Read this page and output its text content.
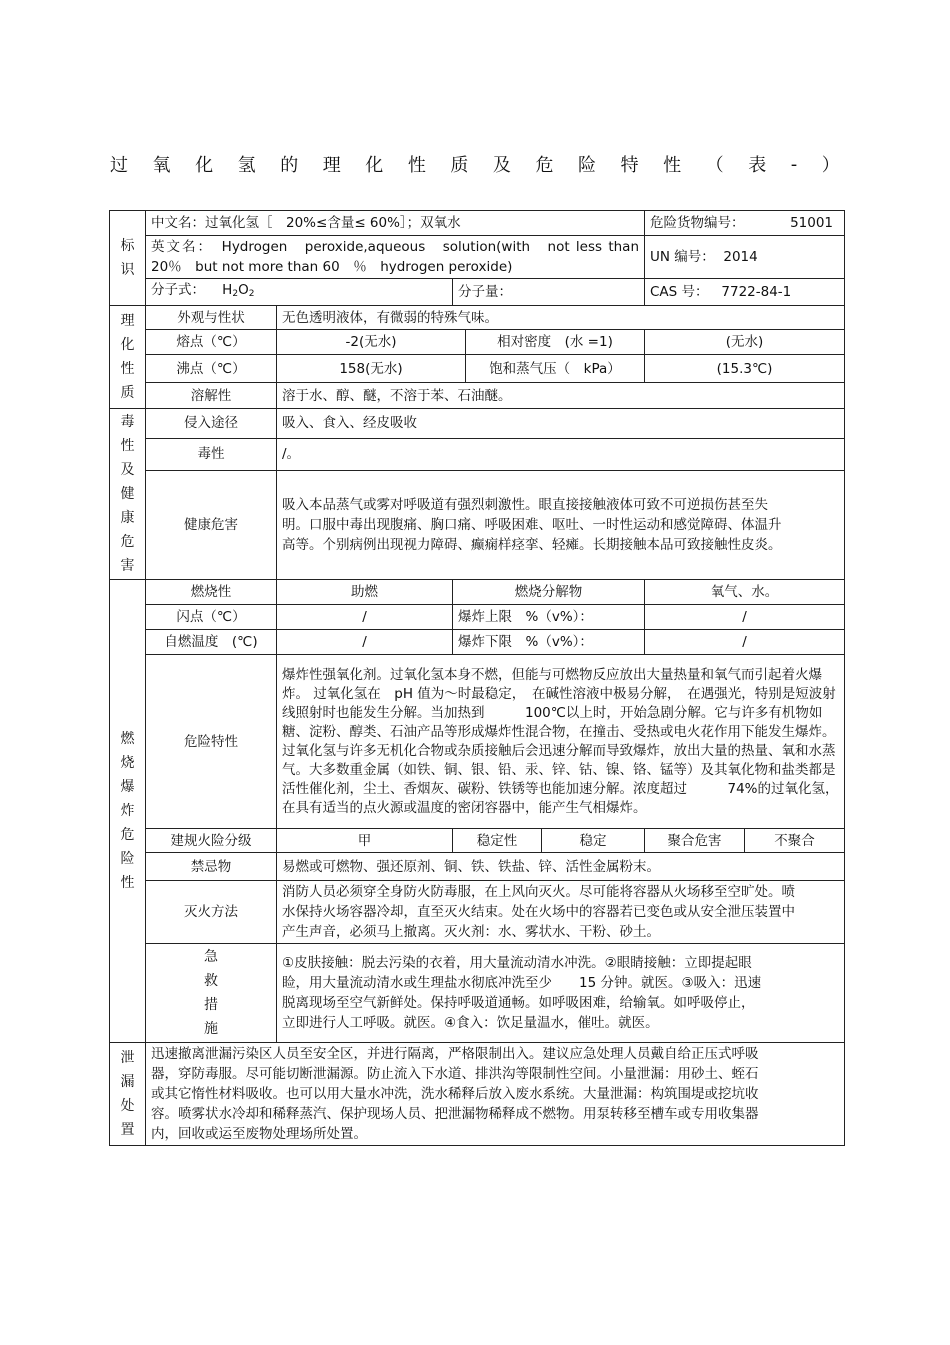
过 氧 化 氢 的 理 化 性 质 及 危 险 特 性 （ 表 - ）
标识	中文名：过氧化氢［　20%≤含量≤ 60%］；双氧水					危险货物编号： 51001	

	英文名：　Hydrogen　peroxide,aqueous　solution(with　not less than
20％　but not more than 60　％　hydrogen peroxide)					UN 编号： 2014	
	分子式： $H_2O_2$		分子量：			CAS 号： 7722-84-1	
理化性质	外观与性状	无色透明液体，有微弱的特殊气味。					
	熔点（℃）	-2(无水)		相对密度　(水 =1)		(无水)	
	沸点（℃）	158(无水)		饱和蒸气压（　kPa）		(15.3℃)	
	溶解性	溶于水、醇、醚，不溶于苯、石油醚。					
毒性及健康危害	侵入途径	吸入、食入、经皮吸收					
	毒性	/。					
	健康危害	吸入本品蒸气或雾对呼吸道有强烈刺激性。眼直接接触液体可致不可逆损伤甚至失明。口服中毒出现腹痛、胸口痛、呼吸困难、呕吐、一时性运动和感觉障碍、体温升高等。个别病例出现视力障碍、癫痫样痉挛、轻瘫。长期接触本品可致接触性皮炎。					
燃烧爆炸危险性	燃烧性	助燃	燃烧分解物			氧气、水。	
	闪点（℃）	/	爆炸上限　%（v%）：			/	
	自燃温度　(℃)	/	爆炸下限　%（v%）：			/	
	危险特性	爆炸性强氧化剂。过氧化氢本身不燃，但能与可燃物反应放出大量热量和氧气而引起着火爆炸。 过氧化氢在　pH 值为～时最稳定，　在碱性溶液中极易分解，　在遇强光，特别是短波射线照射时也能发生分解。当加热到　　　100℃以上时，开始急剧分解。它与许多有机物如糖、淀粉、醇类、石油产品等形成爆炸性混合物，在撞击、受热或电火花作用下能发生爆炸。过氧化氢与许多无机化合物或杂质接触后会迅速分解而导致爆炸，放出大量的热量、氧和水蒸气。大多数重金属（如铁、铜、银、铅、汞、锌、钴、镍、铬、锰等）及其氧化物和盐类都是活性催化剂，尘土、香烟灰、碳粉、铁锈等也能加速分解。浓度超过　　　74%的过氧化氢，在具有适当的点火源或温度的密闭容器中，能产生气相爆炸。					
	建规火险分级	甲	稳定性		稳定	聚合危害	不聚合
	禁忌物	易燃或可燃物、强还原剂、铜、铁、铁盐、锌、活性金属粉末。					
	灭火方法	消防人员必须穿全身防火防毒服，在上风向灭火。尽可能将容器从火场移至空旷处。喷水保持火场容器冷却，直至灭火结束。处在火场中的容器若已变色或从安全泄压装置中产生声音，必须马上撤离。灭火剂：水、雾状水、干粉、砂土。					
	急救措施	①皮肤接触：脱去污染的衣着，用大量流动清水冲洗。②眼睛接触：立即提起眼睑，用大量流动清水或生理盐水彻底冲洗至少　　15 分钟。就医。③吸入：迅速脱离现场至空气新鲜处。保持呼吸道通畅。如呼吸困难，给输氧。如呼吸停止，立即进行人工呼吸。就医。④食入：饮足量温水，催吐。就医。					
泄漏处置	迅速撤离泄漏污染区人员至安全区，并进行隔离，严格限制出入。建议应急处理人员戴自给正压式呼吸器，穿防毒服。尽可能切断泄漏源。防止流入下水道、排洪沟等限制性空间。小量泄漏：用砂土、蛭石或其它惰性材料吸收。也可以用大量水冲洗，洗水稀释后放入废水系统。大量泄漏：构筑围堤或挖坑收容。喷雾状水冷却和稀释蒸汽、保护现场人员、把泄漏物稀释成不燃物。用泵转移至槽车或专用收集器内，回收或运至废物处理场所处置。						
